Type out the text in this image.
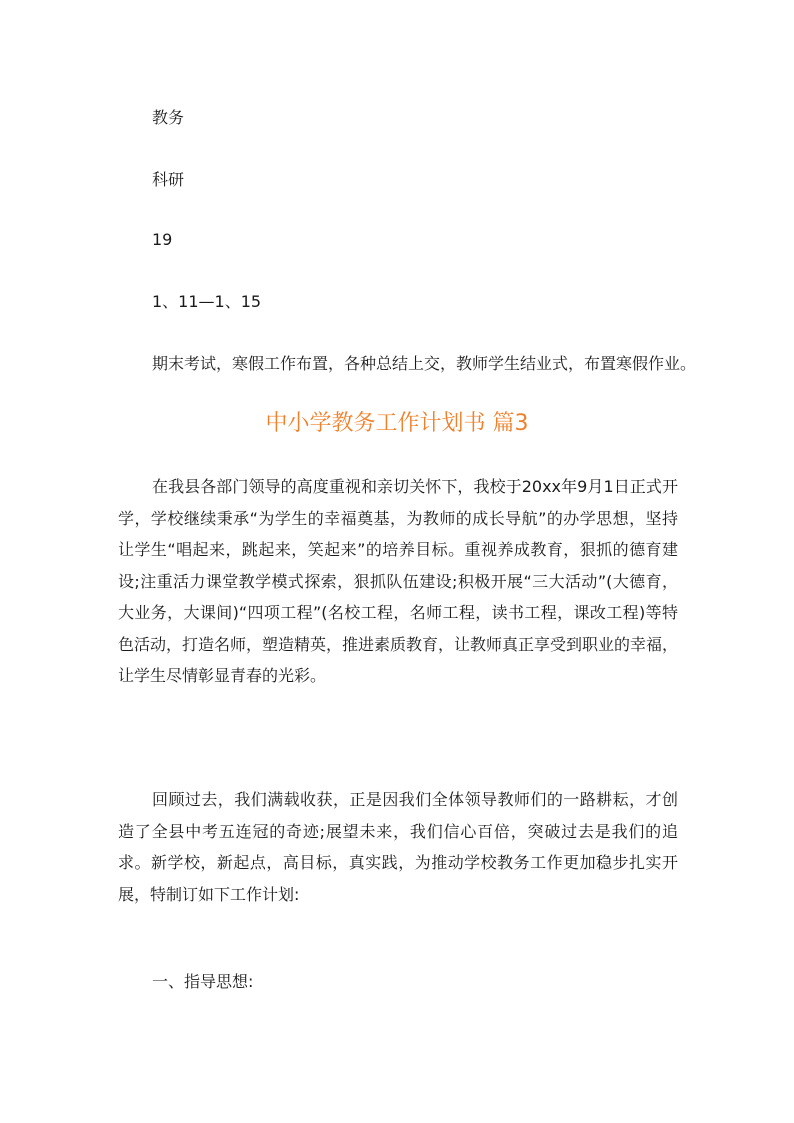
教务
科研
19
1、11—1、15
期末考试，寒假工作布置，各种总结上交，教师学生结业式，布置寒假作业。
中小学教务工作计划书 篇3
在我县各部门领导的高度重视和亲切关怀下，我校于20xx年9月1日正式开学，学校继续秉承“为学生的幸福奠基，为教师的成长导航”的办学思想，坚持让学生“唱起来，跳起来，笑起来”的培养目标。重视养成教育，狠抓的德育建设;注重活力课堂教学模式探索，狠抓队伍建设;积极开展“三大活动”(大德育，大业务，大课间)“四项工程”(名校工程，名师工程，读书工程，课改工程)等特色活动，打造名师，塑造精英，推进素质教育，让教师真正享受到职业的幸福，让学生尽情彰显青春的光彩。
回顾过去，我们满载收获，正是因我们全体领导教师们的一路耕耘，才创造了全县中考五连冠的奇迹;展望未来，我们信心百倍，突破过去是我们的追求。新学校，新起点，高目标，真实践，为推动学校教务工作更加稳步扎实开展，特制订如下工作计划:
一、指导思想:
